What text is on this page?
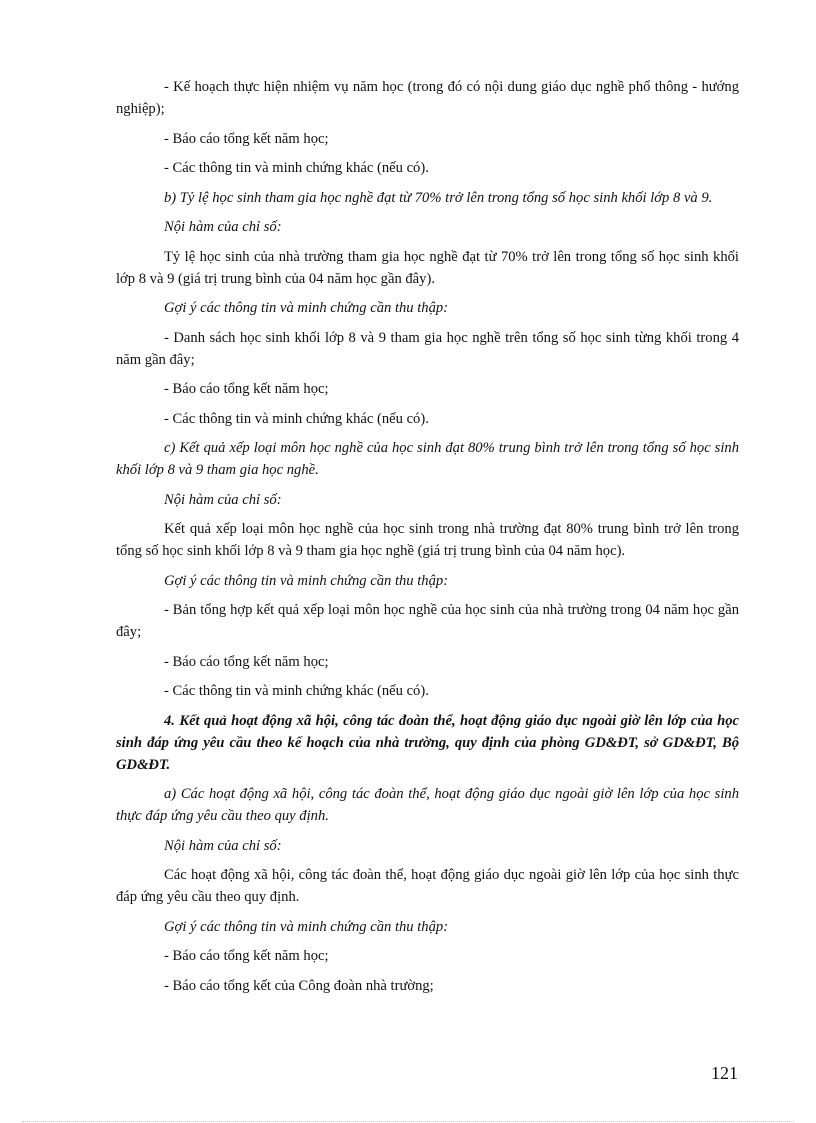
- Kế hoạch thực hiện nhiệm vụ năm học (trong đó có nội dung giáo dục nghề phổ thông - hướng nghiệp);

- Báo cáo tổng kết năm học;

- Các thông tin và minh chứng khác (nếu có).

b) Tỷ lệ học sinh tham gia học nghề đạt từ 70% trở lên trong tổng số học sinh khối lớp 8 và 9.

Nội hàm của chỉ số:

Tỷ lệ học sinh của nhà trường tham gia học nghề đạt từ 70% trở lên trong tổng số học sinh khối lớp 8 và 9 (giá trị trung bình của 04 năm học gần đây).

Gợi ý các thông tin và minh chứng cần thu thập:

- Danh sách học sinh khối lớp 8 và 9 tham gia học nghề trên tổng số học sinh từng khối trong 4 năm gần đây;

- Báo cáo tổng kết năm học;

- Các thông tin và minh chứng khác (nếu có).

c) Kết quả xếp loại môn học nghề của học sinh đạt 80% trung bình trở lên trong tổng số học sinh khối lớp 8 và 9 tham gia học nghề.

Nội hàm của chỉ số:

Kết quả xếp loại môn học nghề của học sinh trong nhà trường đạt 80% trung bình trở lên trong tổng số học sinh khối lớp 8 và 9 tham gia học nghề (giá trị trung bình của 04 năm học).

Gợi ý các thông tin và minh chứng cần thu thập:

- Bản tổng hợp kết quả xếp loại môn học nghề của học sinh của nhà trường trong 04 năm học gần đây;

- Báo cáo tổng kết năm học;

- Các thông tin và minh chứng khác (nếu có).

4. Kết quả hoạt động xã hội, công tác đoàn thể, hoạt động giáo dục ngoài giờ lên lớp của học sinh đáp ứng yêu cầu theo kế hoạch của nhà trường, quy định của phòng GD&ĐT, sở GD&ĐT, Bộ GD&ĐT.

a) Các hoạt động xã hội, công tác đoàn thể, hoạt động giáo dục ngoài giờ lên lớp của học sinh thực đáp ứng yêu cầu theo quy định.

Nội hàm của chỉ số:

Các hoạt động xã hội, công tác đoàn thể, hoạt động giáo dục ngoài giờ lên lớp của học sinh thực đáp ứng yêu cầu theo quy định.

Gợi ý các thông tin và minh chứng cần thu thập:

- Báo cáo tổng kết năm học;

- Báo cáo tổng kết của Công đoàn nhà trường;

121
